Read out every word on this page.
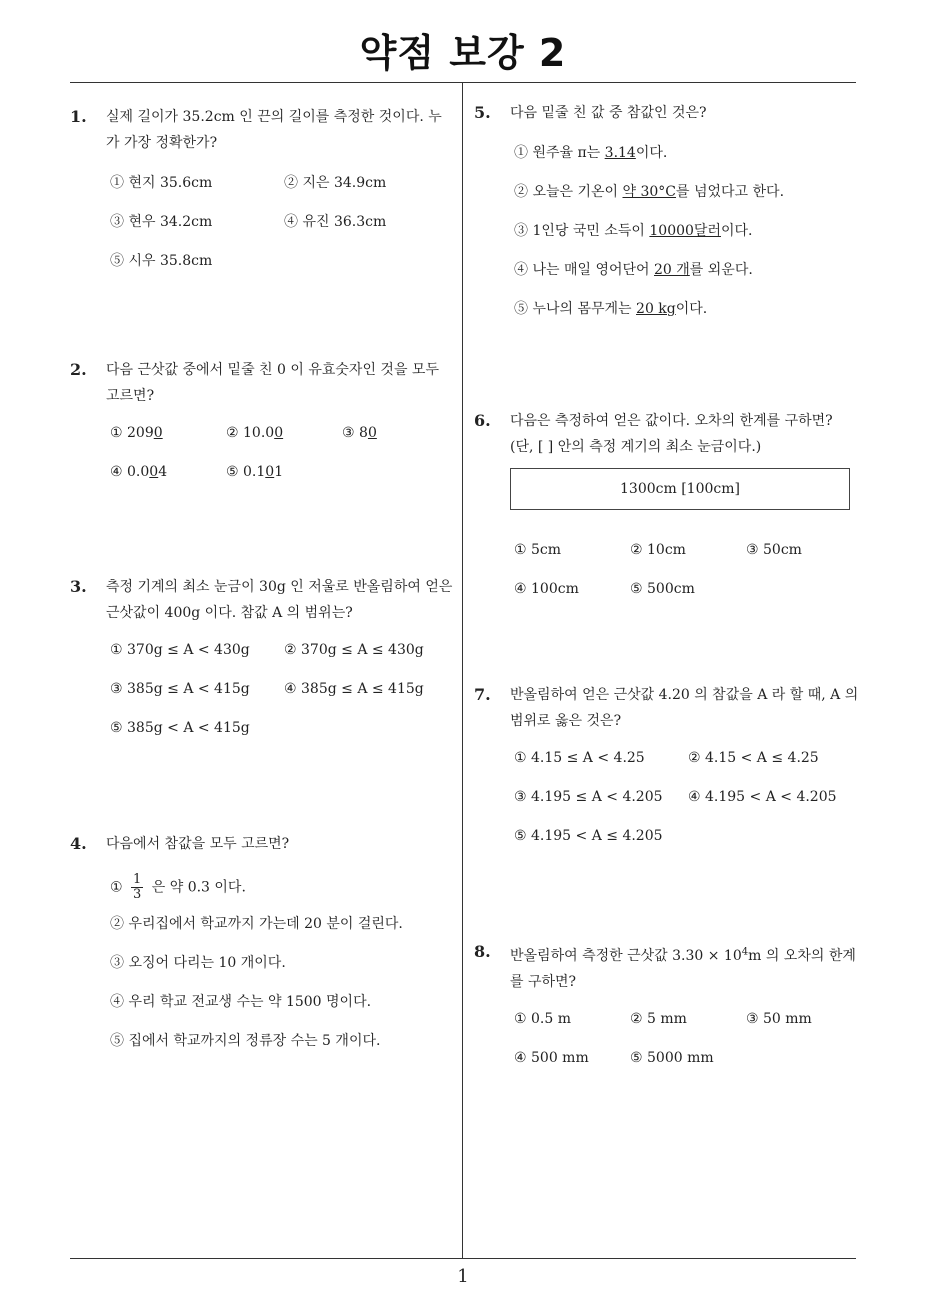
약점 보강 2
1. 실제 길이가 35.2cm 인 끈의 길이를 측정한 것이다. 누가 가장 정확한가?
① 현지 35.6cm	② 지은 34.9cm
③ 현우 34.2cm	④ 유진 36.3cm
⑤ 시우 35.8cm
2. 다음 근삿값 중에서 밑줄 친 0 이 유효숫자인 것을 모두 고르면?
① 2090	② 10.00	③ 80
④ 0.004	⑤ 0.101
3. 측정 기계의 최소 눈금이 30g 인 저울로 반올림하여 얻은 근삿값이 400g 이다. 참값 A 의 범위는?
① 370g ≤ A < 430g ② 370g ≤ A ≤ 430g
③ 385g ≤ A < 415g ④ 385g ≤ A ≤ 415g
⑤ 385g < A < 415g
4. 다음에서 참값을 모두 고르면?
① $\frac{1}{3}$ 은 약 0.3 이다.
② 우리집에서 학교까지 가는데 20 분이 걸린다.
③ 오징어 다리는 10 개이다.
④ 우리 학교 전교생 수는 약 1500 명이다.
⑤ 집에서 학교까지의 정류장 수는 5 개이다.
5. 다음 밑줄 친 값 중 참값인 것은?
① 원주율 π는 3.14이다.
② 오늘은 기온이 약 30°C를 넘었다고 한다.
③ 1인당 국민 소득이 10000달러이다.
④ 나는 매일 영어단어 20 개를 외운다.
⑤ 누나의 몸무게는 20 kg이다.
6. 다음은 측정하여 얻은 값이다. 오차의 한계를 구하면? (단, [ ] 안의 측정 계기의 최소 눈금이다.)
1300cm [100cm]
① 5cm	② 10cm	③ 50cm
④ 100cm	⑤ 500cm
7. 반올림하여 얻은 근삿값 4.20 의 참값을 A 라 할 때, A 의 범위로 옳은 것은?
① 4.15 ≤ A < 4.25	② 4.15 < A ≤ 4.25
③ 4.195 ≤ A < 4.205 ④ 4.195 < A < 4.205
⑤ 4.195 < A ≤ 4.205
8. 반올림하여 측정한 근삿값 $3.30 \times 10^4m$ 의 오차의 한계를 구하면?
① 0.5 m	② 5 mm	③ 50 mm
④ 500 mm	⑤ 5000 mm
1
